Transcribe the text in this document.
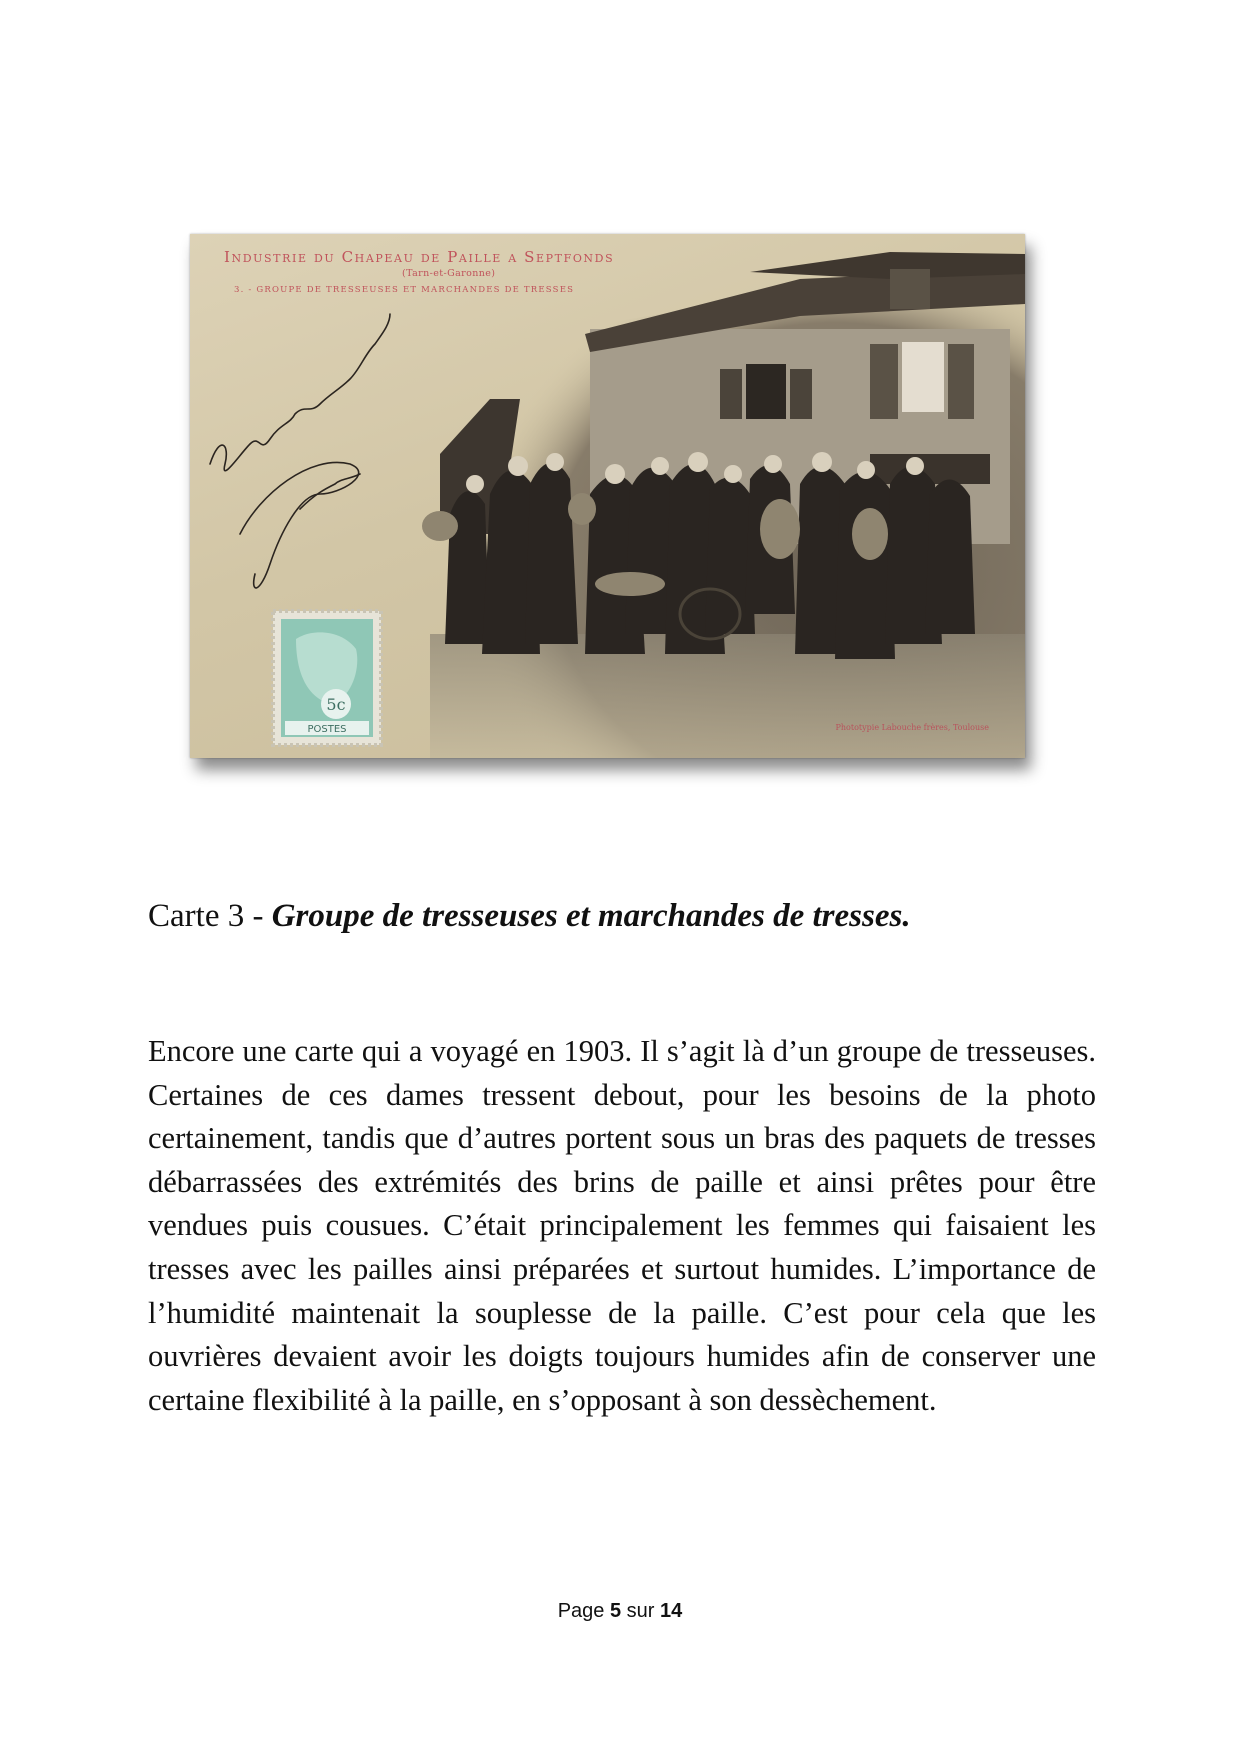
Industrie du Chapeau de Paille a Septfonds
(Tarn-et-Garonne)
3. - GROUPE DE TRESSEUSES ET MARCHANDES DE TRESSES
5c
POSTES	Phototypie Labouche frères, Toulouse
Carte 3 - Groupe de tresseuses et marchandes de tresses.

Encore une carte qui a voyagé en 1903. Il s’agit là d’un groupe de tresseuses. Certaines de ces dames tressent debout, pour les besoins de la photo certainement, tandis que d’autres portent sous un bras des paquets de tresses débarrassées des extrémités des brins de paille et ainsi prêtes pour être vendues puis cousues. C’était principalement les femmes qui faisaient les tresses avec les pailles ainsi préparées et surtout humides. L’importance de l’humidité maintenait la souplesse de la paille. C’est pour cela que les ouvrières devaient avoir les doigts toujours humides afin de conserver une certaine flexibilité à la paille, en s’opposant à son dessèchement.

Page 5 sur 14
